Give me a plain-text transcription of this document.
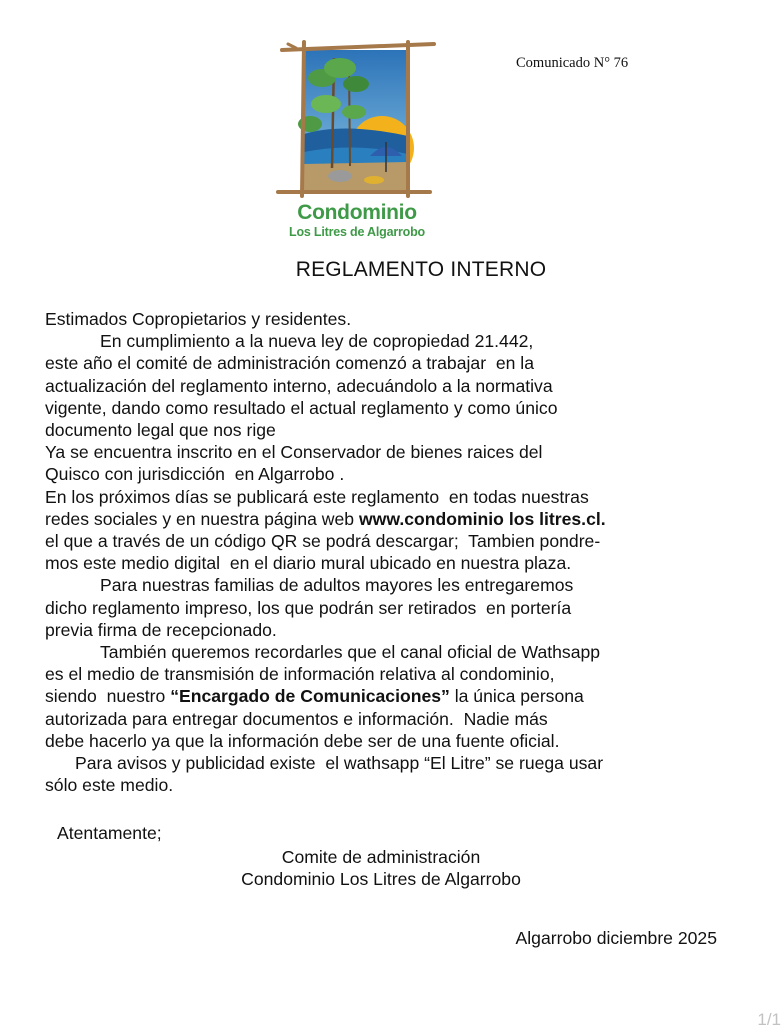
Condominio
Los Litres de Algarrobo
Comunicado N° 76
REGLAMENTO INTERNO
Estimados Copropietarios y residentes.
En cumplimiento a la nueva ley de copropiedad 21.442,
este año el comité de administración comenzó a trabajar  en la
actualización del reglamento interno, adecuándolo a la normativa
vigente, dando como resultado el actual reglamento y como único
documento legal que nos rige
Ya se encuentra inscrito en el Conservador de bienes raices del
Quisco con jurisdicción  en Algarrobo .
En los próximos días se publicará este reglamento  en todas nuestras
redes sociales y en nuestra página web www.condominio los litres.cl.
el que a través de un código QR se podrá descargar;  Tambien pondre-
mos este medio digital  en el diario mural ubicado en nuestra plaza.
Para nuestras familias de adultos mayores les entregaremos
dicho reglamento impreso, los que podrán ser retirados  en portería
previa firma de recepcionado.
También queremos recordarles que el canal oficial de Wathsapp
es el medio de transmisión de información relativa al condominio,
siendo  nuestro “Encargado de Comunicaciones” la única persona
autorizada para entregar documentos e información.  Nadie más
debe hacerlo ya que la información debe ser de una fuente oficial.
Para avisos y publicidad existe  el wathsapp “El Litre” se ruega usar
sólo este medio.
Atentamente;
Comite de administración
Condominio Los Litres de Algarrobo
Algarrobo diciembre 2025
1/1
